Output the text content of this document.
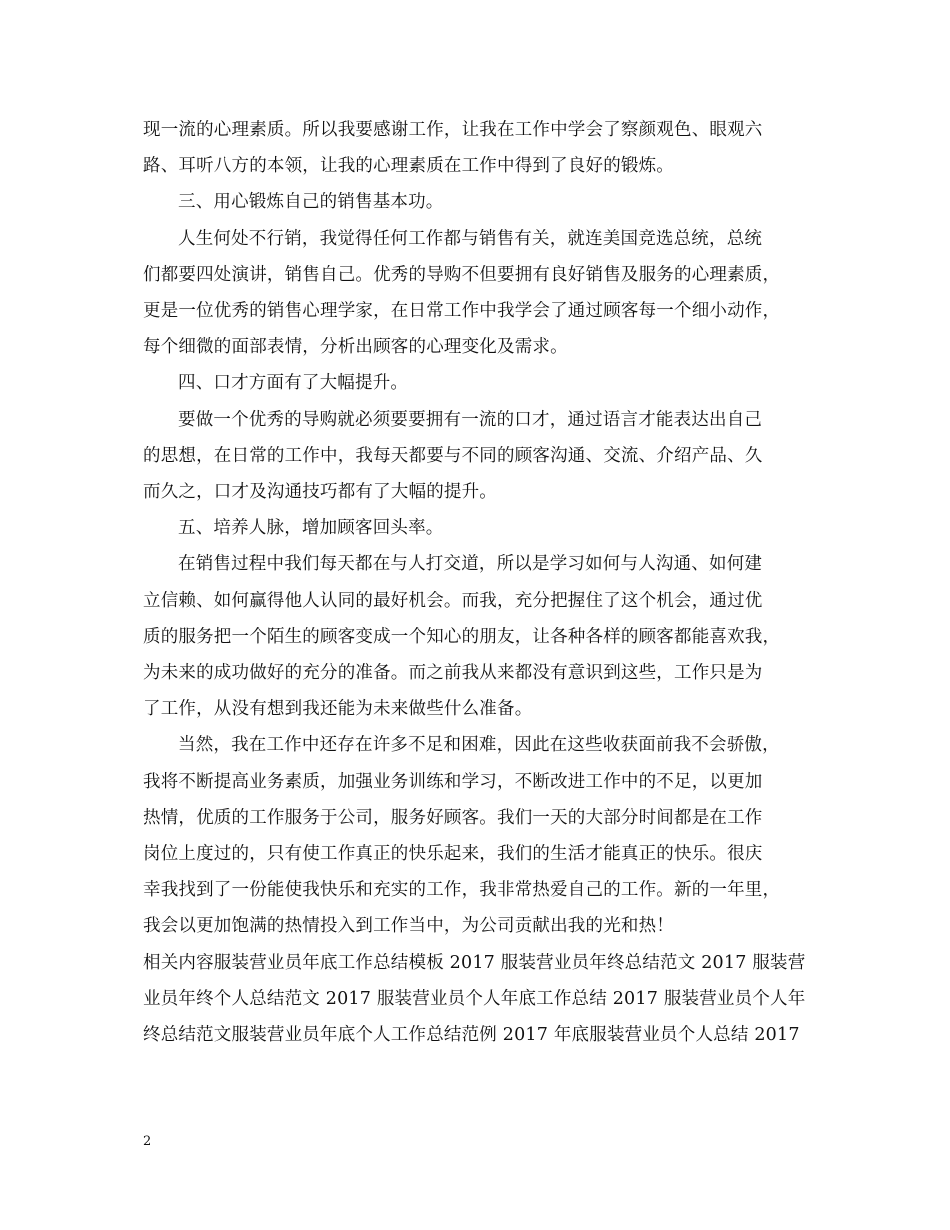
现一流的心理素质。所以我要感谢工作，让我在工作中学会了察颜观色、眼观六

路、耳听八方的本领，让我的心理素质在工作中得到了良好的锻炼。

三、用心锻炼自己的销售基本功。

人生何处不行销，我觉得任何工作都与销售有关，就连美国竞选总统，总统

们都要四处演讲，销售自己。优秀的导购不但要拥有良好销售及服务的心理素质，

更是一位优秀的销售心理学家，在日常工作中我学会了通过顾客每一个细小动作，

每个细微的面部表情，分析出顾客的心理变化及需求。

四、口才方面有了大幅提升。

要做一个优秀的导购就必须要要拥有一流的口才，通过语言才能表达出自己

的思想，在日常的工作中，我每天都要与不同的顾客沟通、交流、介绍产品、久

而久之，口才及沟通技巧都有了大幅的提升。

五、培养人脉，增加顾客回头率。

在销售过程中我们每天都在与人打交道，所以是学习如何与人沟通、如何建

立信赖、如何赢得他人认同的最好机会。而我，充分把握住了这个机会，通过优

质的服务把一个陌生的顾客变成一个知心的朋友，让各种各样的顾客都能喜欢我，

为未来的成功做好的充分的准备。而之前我从来都没有意识到这些，工作只是为

了工作，从没有想到我还能为未来做些什么准备。

当然，我在工作中还存在许多不足和困难，因此在这些收获面前我不会骄傲，

我将不断提高业务素质，加强业务训练和学习，不断改进工作中的不足，以更加

热情，优质的工作服务于公司，服务好顾客。我们一天的大部分时间都是在工作

岗位上度过的，只有使工作真正的快乐起来，我们的生活才能真正的快乐。很庆

幸我找到了一份能使我快乐和充实的工作，我非常热爱自己的工作。新的一年里，

我会以更加饱满的热情投入到工作当中，为公司贡献出我的光和热！

相关内容服装营业员年底工作总结模板 2017 服装营业员年终总结范文 2017 服装营

业员年终个人总结范文 2017 服装营业员个人年底工作总结 2017 服装营业员个人年

终总结范文服装营业员年底个人工作总结范例 2017 年底服装营业员个人总结 2017

2
